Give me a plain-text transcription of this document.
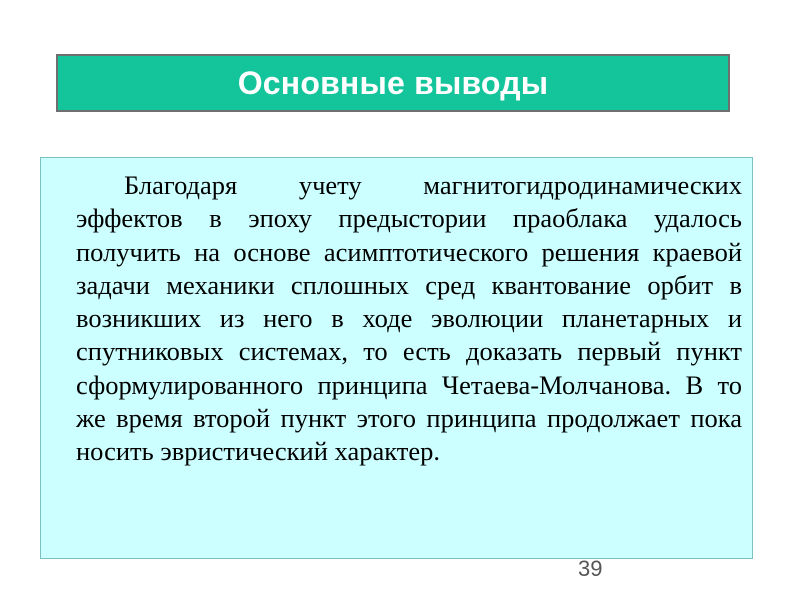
Основные выводы

Благодаря учету магнитогидродинамических эффектов в эпоху предыстории праоблака удалось получить на основе асимптотического решения краевой задачи механики сплошных сред квантование орбит в возникших из него в ходе эволюции планетарных и спутниковых системах, то есть доказать первый пункт сформулированного принципа Четаева-Молчанова. В то же время второй пункт этого принципа продолжает пока носить эвристический характер.

39
